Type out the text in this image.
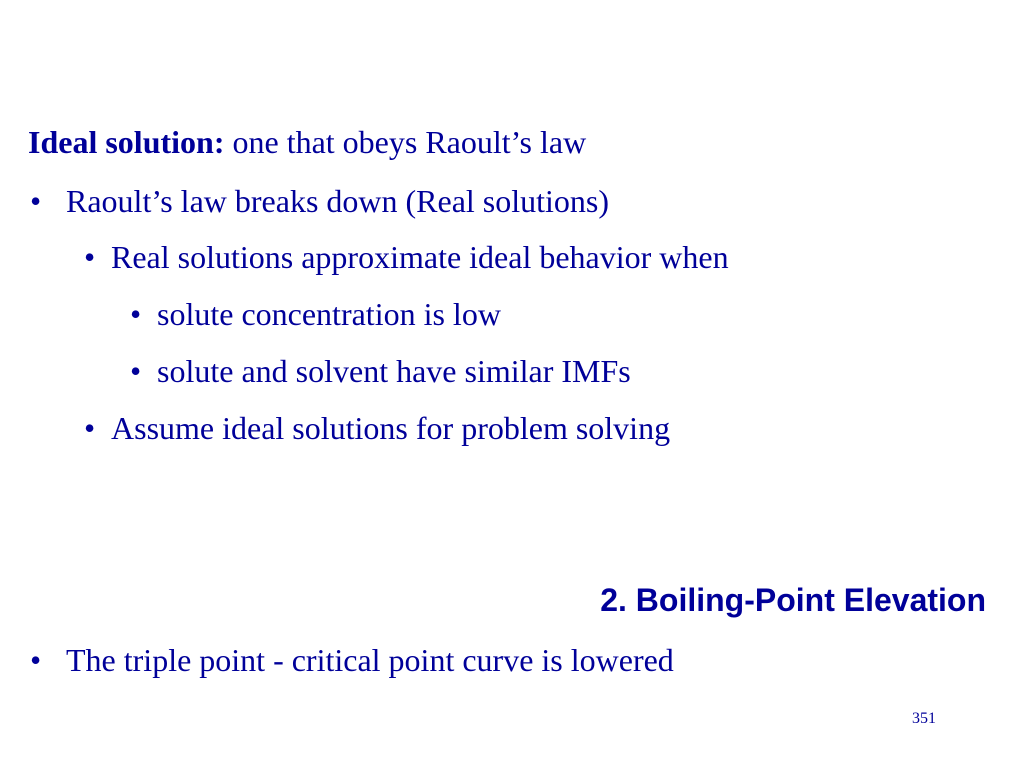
Ideal solution: one that obeys Raoult’s law
• Raoult’s law breaks down (Real solutions)
• Real solutions approximate ideal behavior when
• solute concentration is low
• solute and solvent have similar IMFs
• Assume ideal solutions for problem solving
2. Boiling-Point Elevation
• The triple point - critical point curve is lowered
351
